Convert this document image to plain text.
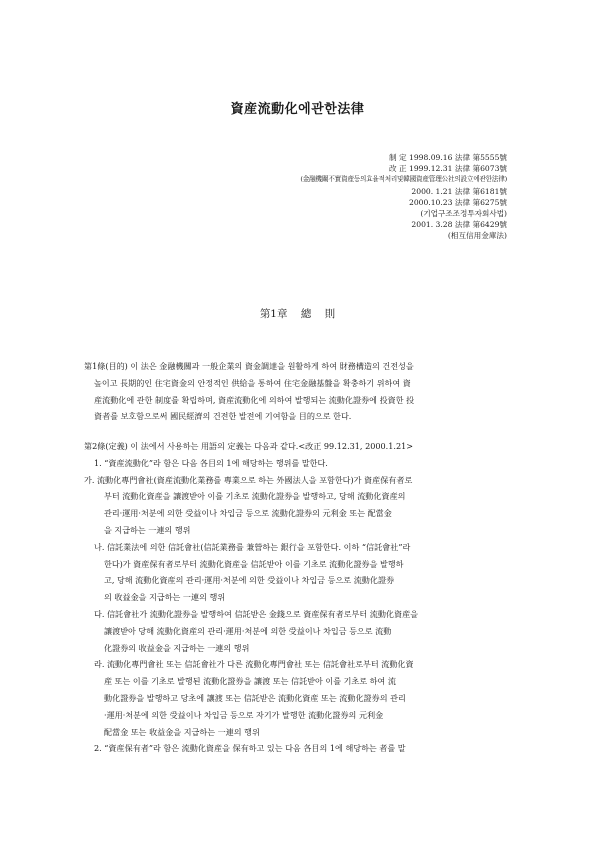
資産流動化에관한法律
制 定 1998.09.16 法律 第5555號
改 正 1999.12.31 法律 第6073號
(金融機關不實資産등의효율적처리및韓國資産管理公社의設立에관한法律)
2000. 1.21 法律 第6181號
2000.10.23 法律 第6275號
(기업구조조정투자회사법)
2001. 3.28 法律 第6429號
(相互信用金庫法)
第1章 總 則
第1條(目的) 이 法은 金融機關과 一般企業의 資金調達을 원활하게 하여 財務構造의 건전성을
높이고 長期的인 住宅資金의 안정적인 供給을 통하여 住宅金融基盤을 확충하기 위하여 資
産流動化에 관한 制度를 확립하며, 資産流動化에 의하여 발행되는 流動化證券에 投資한 投
資者를 보호함으로써 國民經濟의 건전한 발전에 기여함을 目的으로 한다.
第2條(定義) 이 法에서 사용하는 用語의 定義는 다음과 같다.<改正 99.12.31, 2000.1.21>
1. “資産流動化”라 함은 다음 各目의 1에 해당하는 행위를 말한다.
가. 流動化專門會社(資産流動化業務를 專業으로 하는 外國法人을 포함한다)가 資産保有者로
부터 流動化資産을 讓渡받아 이를 기초로 流動化證券을 발행하고, 당해 流動化資産의
관리·運用·처분에 의한 受益이나 차입금 등으로 流動化證券의 元利金 또는 配當金
을 지급하는 一連의 행위
나. 信託業法에 의한 信託會社(信託業務를 兼營하는 銀行을 포함한다. 이하 “信託會社”라
한다)가 資産保有者로부터 流動化資産을 信託받아 이를 기초로 流動化證券을 발행하
고, 당해 流動化資産의 관리·運用·처분에 의한 受益이나 차입금 등으로 流動化證券
의 收益金을 지급하는 一連의 행위
다. 信託會社가 流動化證券을 발행하여 信託받은 金錢으로 資産保有者로부터 流動化資産을
讓渡받아 당해 流動化資産의 관리·運用·처분에 의한 受益이나 차입금 등으로 流動
化證券의 收益金을 지급하는 一連의 행위
라. 流動化專門會社 또는 信託會社가 다른 流動化專門會社 또는 信託會社로부터 流動化資
産 또는 이를 기초로 발행된 流動化證券을 讓渡 또는 信託받아 이를 기초로 하여 流
動化證券을 발행하고 당초에 讓渡 또는 信託받은 流動化資産 또는 流動化證券의 관리
·運用·처분에 의한 受益이나 차입금 등으로 자기가 발행한 流動化證券의 元利金
配當金 또는 收益金을 지급하는 一連의 행위
2. “資産保有者”라 함은 流動化資産을 保有하고 있는 다음 各目의 1에 해당하는 者를 말
